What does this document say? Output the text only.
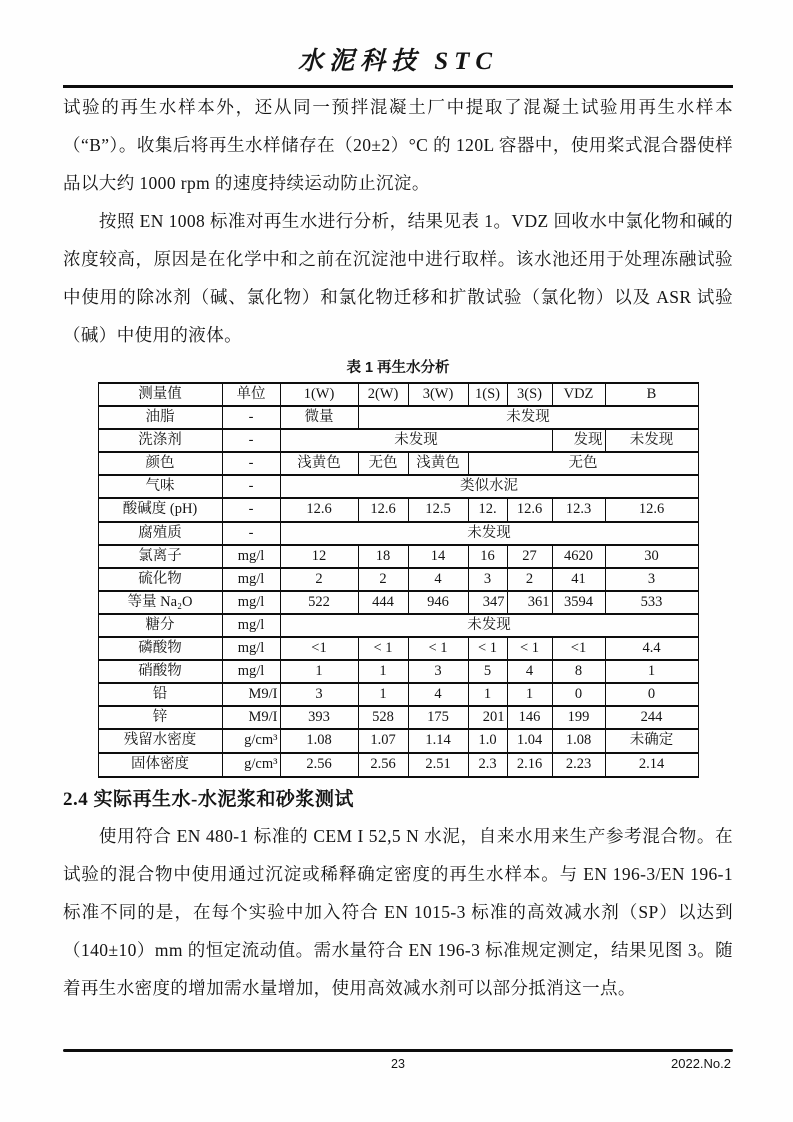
水泥科技 STC

试验的再生水样本外，还从同一预拌混凝土厂中提取了混凝土试验用再生水样本（“B”）。收集后将再生水样储存在（20±2）°C 的 120L 容器中，使用桨式混合器使样品以大约 1000 rpm 的速度持续运动防止沉淀。

按照 EN 1008 标准对再生水进行分析，结果见表 1。VDZ 回收水中氯化物和碱的浓度较高，原因是在化学中和之前在沉淀池中进行取样。该水池还用于处理冻融试验中使用的除冰剂（碱、氯化物）和氯化物迁移和扩散试验（氯化物）以及 ASR 试验（碱）中使用的液体。

表 1 再生水分析
测量值	单位	1(W)	2(W)	3(W)	1(S)	3(S)	VDZ	B
油脂	-	微量	未发现					
洗涤剂	-	未发现					发现	未发现
颜色	-	浅黄色	无色	浅黄色	无色			
气味	-	类似水泥						
酸碱度 (pH)	-	12.6	12.6	12.5	12.	12.6	12.3	12.6
腐殖质	-	未发现						
氯离子	mg/l	12	18	14	16	27	4620	30
硫化物	mg/l	2	2	4	3	2	41	3
等量 Na₂O	mg/l	522	444	946	347	361	3594	533
糖分	mg/l	未发现						
磷酸物	mg/l	<1	< 1	< 1	< 1	< 1	<1	4.4
硝酸物	mg/l	1	1	3	5	4	8	1
铅	M9/I	3	1	4	1	1	0	0
锌	M9/I	393	528	175	201	146	199	244
残留水密度	g/cm³	1.08	1.07	1.14	1.0	1.04	1.08	未确定
固体密度	g/cm³	2.56	2.56	2.51	2.3	2.16	2.23	2.14
2.4 实际再生水-水泥浆和砂浆测试

使用符合 EN 480-1 标准的 CEM I 52,5 N 水泥，自来水用来生产参考混合物。在试验的混合物中使用通过沉淀或稀释确定密度的再生水样本。与 EN 196-3/EN 196-1 标准不同的是，在每个实验中加入符合 EN 1015-3 标准的高效减水剂（SP）以达到（140±10）mm 的恒定流动值。需水量符合 EN 196-3 标准规定测定，结果见图 3。随着再生水密度的增加需水量增加，使用高效减水剂可以部分抵消这一点。

23	2022.No.2
